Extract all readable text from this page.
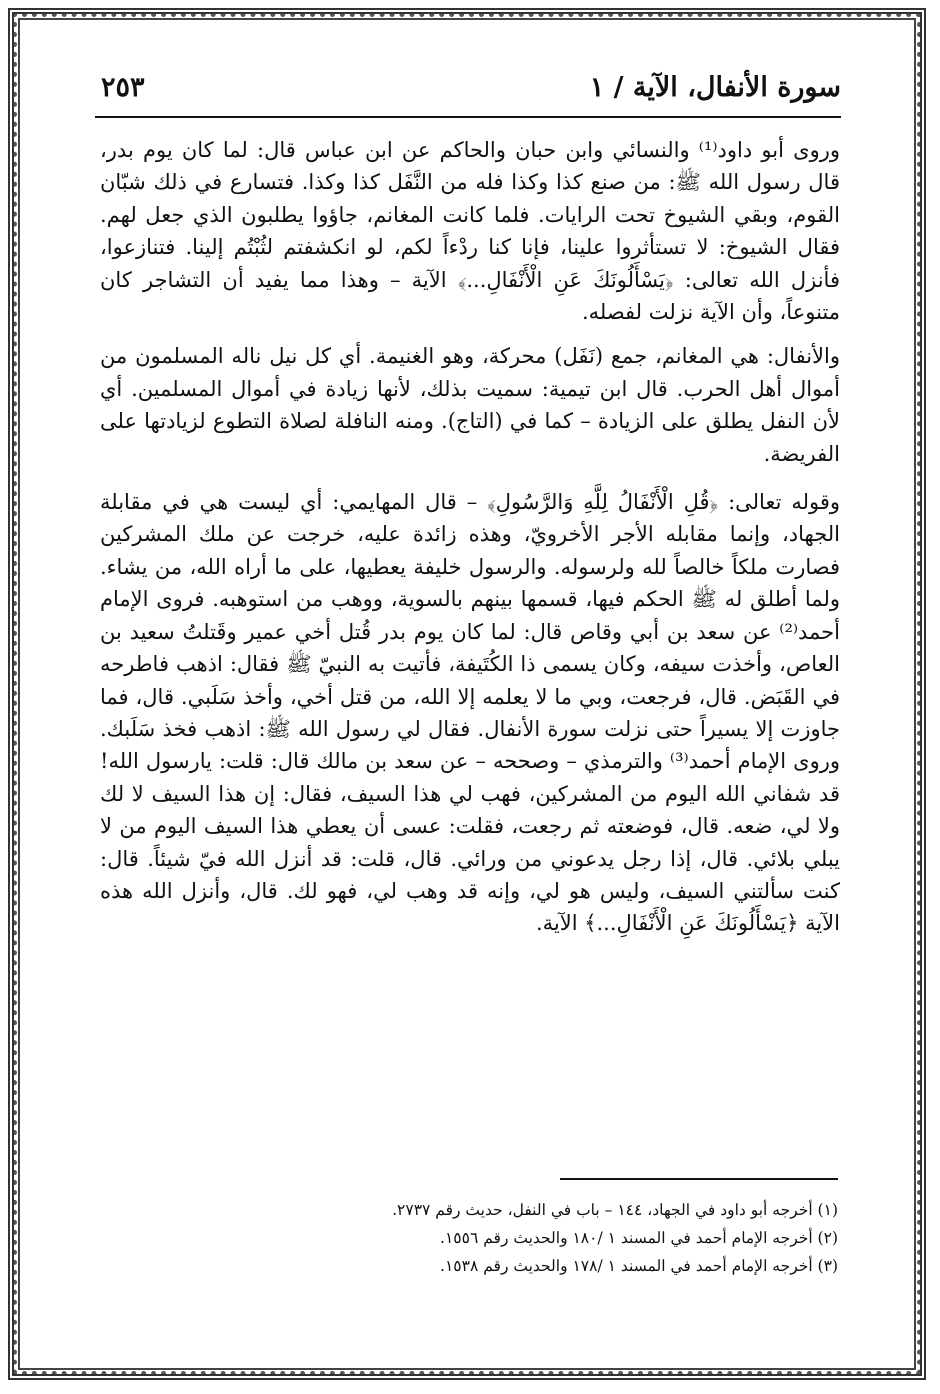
سورة الأنفال، الآية / ١
٢٥٣

وروى أبو داود⁽¹⁾ والنسائي وابن حبان والحاكم عن ابن عباس قال: لما كان يوم بدر، قال رسول الله ﷺ: من صنع كذا وكذا فله من النَّفَل كذا وكذا. فتسارع في ذلك شبّان القوم، وبقي الشيوخ تحت الرايات. فلما كانت المغانم، جاؤوا يطلبون الذي جعل لهم. فقال الشيوخ: لا تستأثروا علينا، فإنا كنا ردْءاً لكم، لو انكشفتم لثُبْتُم إلينا. فتنازعوا، فأنزل الله تعالى: ﴿يَسْأَلُونَكَ عَنِ الْأَنْفَالِ...﴾ الآية – وهذا مما يفيد أن التشاجر كان متنوعاً، وأن الآية نزلت لفصله.

والأنفال: هي المغانم، جمع (نَفَل) محركة، وهو الغنيمة. أي كل نيل ناله المسلمون من أموال أهل الحرب. قال ابن تيمية: سميت بذلك، لأنها زيادة في أموال المسلمين. أي لأن النفل يطلق على الزيادة – كما في (التاج). ومنه النافلة لصلاة التطوع لزيادتها على الفريضة.

وقوله تعالى: ﴿قُلِ الْأَنْفَالُ لِلَّهِ وَالرَّسُولِ﴾ – قال المهايمي: أي ليست هي في مقابلة الجهاد، وإنما مقابله الأجر الأخرويّ، وهذه زائدة عليه، خرجت عن ملك المشركين فصارت ملكاً خالصاً لله ولرسوله. والرسول خليفة يعطيها، على ما أراه الله، من يشاء. ولما أطلق له ﷺ الحكم فيها، قسمها بينهم بالسوية، ووهب من استوهبه. فروى الإمام أحمد⁽²⁾ عن سعد بن أبي وقاص قال: لما كان يوم بدر قُتل أخي عمير وقَتلتُ سعيد بن العاص، وأخذت سيفه، وكان يسمى ذا الكُتَيفة، فأتيت به النبيّ ﷺ فقال: اذهب فاطرحه في القَبَض. قال، فرجعت، وبي ما لا يعلمه إلا الله، من قتل أخي، وأخذ سَلَبي. قال، فما جاوزت إلا يسيراً حتى نزلت سورة الأنفال. فقال لي رسول الله ﷺ: اذهب فخذ سَلَبك. وروى الإمام أحمد⁽³⁾ والترمذي – وصححه – عن سعد بن مالك قال: قلت: يارسول الله! قد شفاني الله اليوم من المشركين، فهب لي هذا السيف، فقال: إن هذا السيف لا لك ولا لي، ضعه. قال، فوضعته ثم رجعت، فقلت: عسى أن يعطي هذا السيف اليوم من لا يبلي بلائي. قال، إذا رجل يدعوني من ورائي. قال، قلت: قد أنزل الله فيّ شيئاً. قال: كنت سألتني السيف، وليس هو لي، وإنه قد وهب لي، فهو لك. قال، وأنزل الله هذه الآية ﴿يَسْأَلُونَكَ عَنِ الْأَنْفَالِ...﴾ الآية.

(١) أخرجه أبو داود في الجهاد، ١٤٤ – باب في النفل، حديث رقم ٢٧٣٧.
(٢) أخرجه الإمام أحمد في المسند ١ /١٨٠ والحديث رقم ١٥٥٦.
(٣) أخرجه الإمام أحمد في المسند ١ /١٧٨ والحديث رقم ١٥٣٨.
